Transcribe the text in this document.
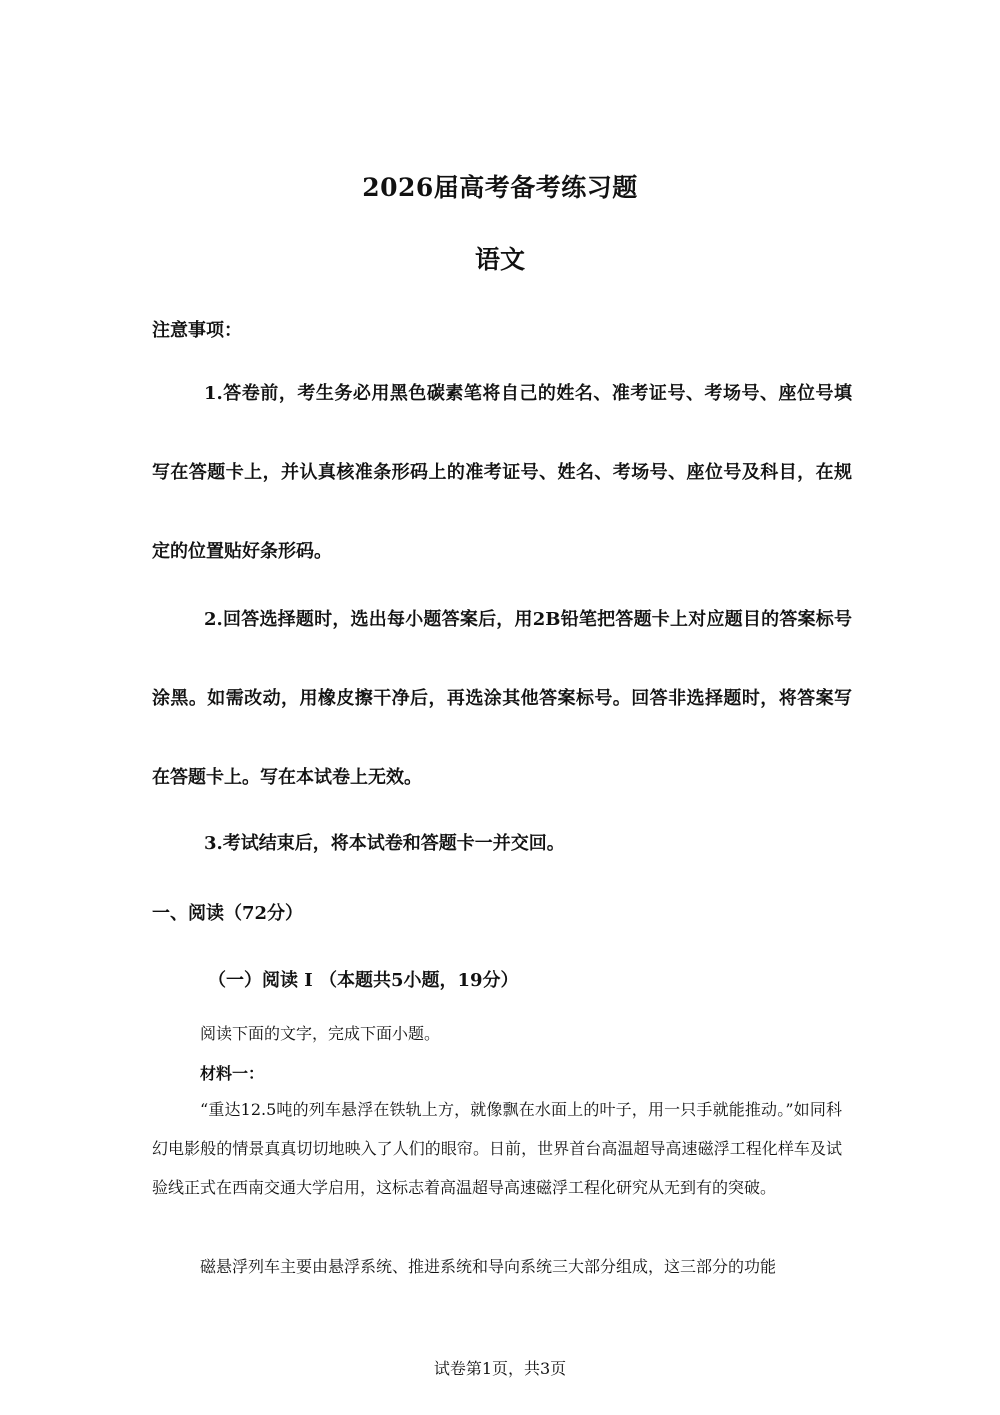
2026届高考备考练习题
语文
注意事项：
1.答卷前，考生务必用黑色碳素笔将自己的姓名、准考证号、考场号、座位号填写在答题卡上，并认真核准条形码上的准考证号、姓名、考场号、座位号及科目，在规定的位置贴好条形码。
2.回答选择题时，选出每小题答案后，用2B铅笔把答题卡上对应题目的答案标号涂黑。如需改动，用橡皮擦干净后，再选涂其他答案标号。回答非选择题时，将答案写在答题卡上。写在本试卷上无效。
3.考试结束后，将本试卷和答题卡一并交回。
一、阅读（72分）
（一）阅读 I （本题共5小题，19分）
阅读下面的文字，完成下面小题。
材料一：
“重达12.5吨的列车悬浮在铁轨上方，就像飘在水面上的叶子，用一只手就能推动。”如同科幻电影般的情景真真切切地映入了人们的眼帘。日前，世界首台高温超导高速磁浮工程化样车及试验线正式在西南交通大学启用，这标志着高温超导高速磁浮工程化研究从无到有的突破。
磁悬浮列车主要由悬浮系统、推进系统和导向系统三大部分组成，这三部分的功能
试卷第1页，共3页
